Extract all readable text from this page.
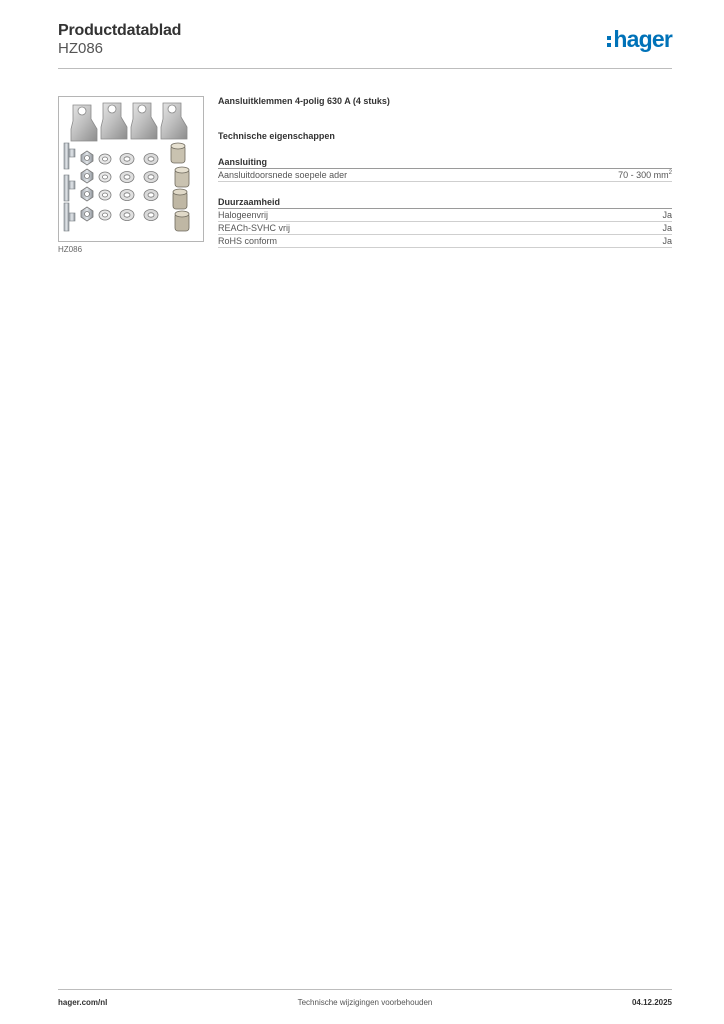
Productdatablad
HZ086	hager
HZ086
Aansluitklemmen 4-polig 630 A (4 stuks)
Technische eigenschappen
Aansluiting
Aansluitdoorsnede soepele ader	70 - 300 $mm^2$
Duurzaamheid
Halogeenvrij	Ja
REACh-SVHC vrij	Ja
RoHS conform	Ja
hager.com/nl	Technische wijzigingen voorbehouden	04.12.2025
